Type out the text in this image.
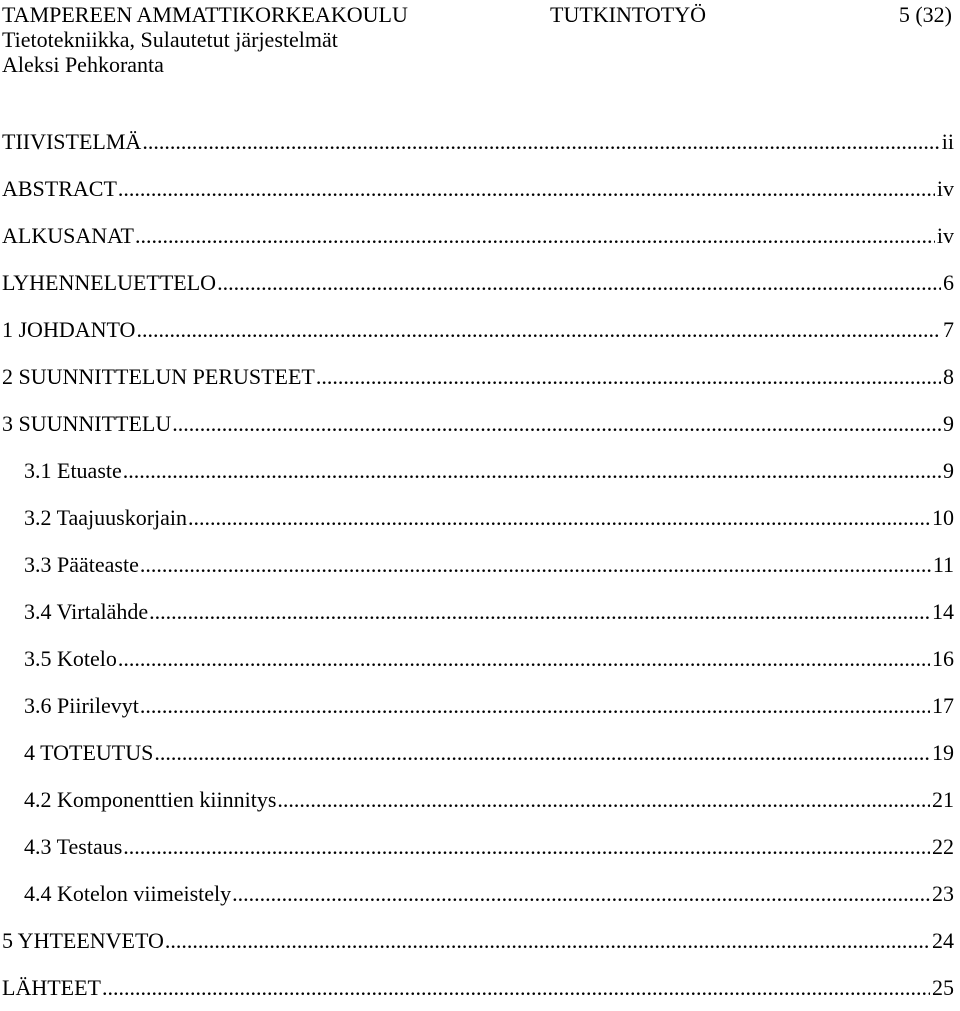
TAMPEREEN AMMATTIKORKEAKOULU	TUTKINTOTYÖ	5 (32)
Tietotekniikka, Sulautetut järjestelmät
Aleksi Pehkoranta
TIIVISTELMÄ .....	ii
ABSTRACT .....	iv
ALKUSANAT .....	iv
LYHENNELUETTELO .....	6
1 JOHDANTO .....	7
2 SUUNNITTELUN PERUSTEET .....	8
3 SUUNNITTELU .....	9
3.1 Etuaste .....	9
3.2 Taajuuskorjain .....	10
3.3 Pääteaste .....	11
3.4 Virtalähde .....	14
3.5 Kotelo .....	16
3.6 Piirilevyt .....	17
4 TOTEUTUS .....	19
4.2 Komponenttien kiinnitys .....	21
4.3 Testaus .....	22
4.4 Kotelon viimeistely .....	23
5 YHTEENVETO .....	24
LÄHTEET .....	25
